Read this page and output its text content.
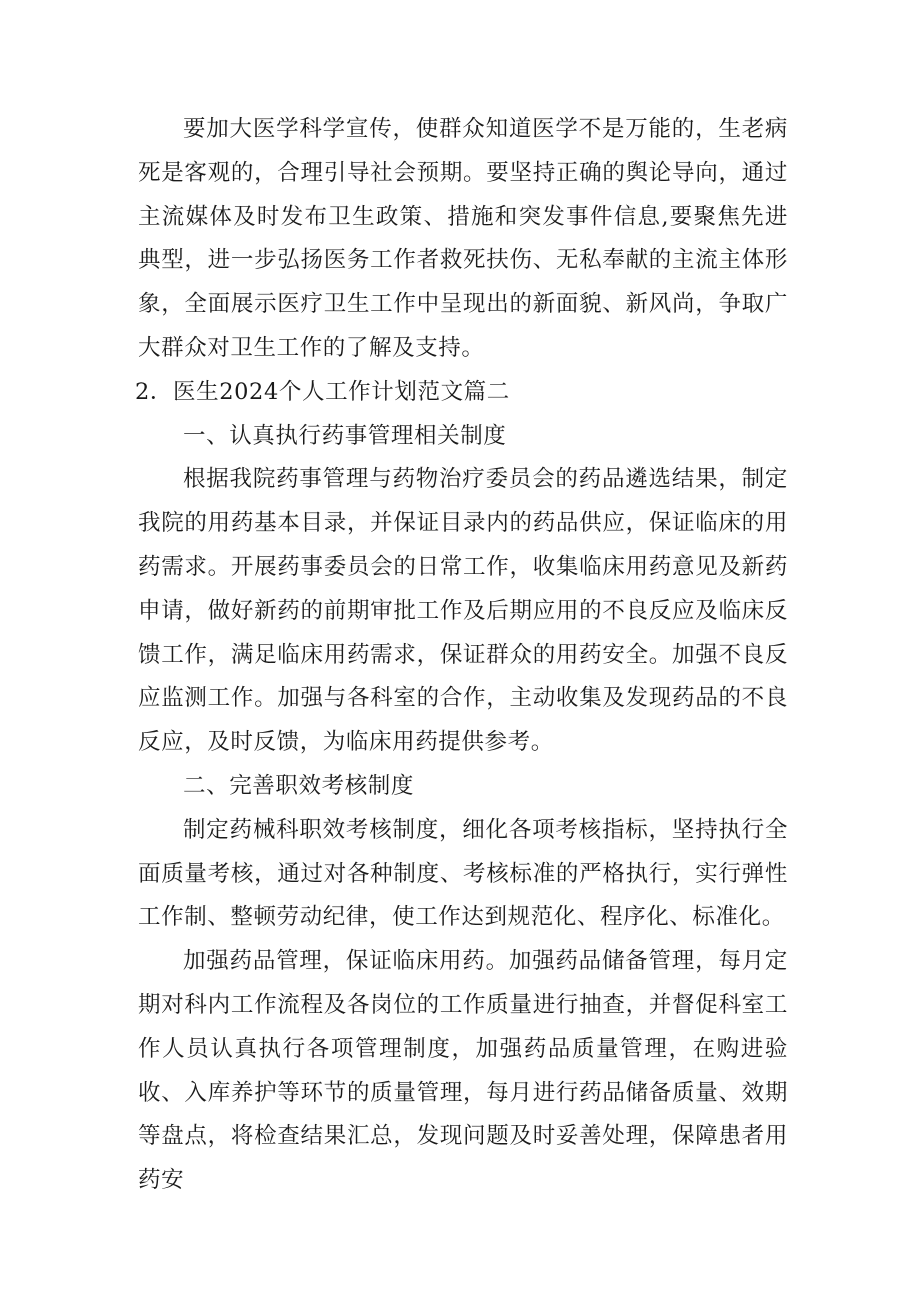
要加大医学科学宣传，使群众知道医学不是万能的，生老病死是客观的，合理引导社会预期。要坚持正确的舆论导向，通过主流媒体及时发布卫生政策、措施和突发事件信息,要聚焦先进典型，进一步弘扬医务工作者救死扶伤、无私奉献的主流主体形象，全面展示医疗卫生工作中呈现出的新面貌、新风尚，争取广大群众对卫生工作的了解及支持。

2．医生2024个人工作计划范文篇二

一、认真执行药事管理相关制度

根据我院药事管理与药物治疗委员会的药品遴选结果，制定我院的用药基本目录，并保证目录内的药品供应，保证临床的用药需求。开展药事委员会的日常工作，收集临床用药意见及新药申请，做好新药的前期审批工作及后期应用的不良反应及临床反馈工作，满足临床用药需求，保证群众的用药安全。加强不良反应监测工作。加强与各科室的合作，主动收集及发现药品的不良反应，及时反馈，为临床用药提供参考。

二、完善职效考核制度

制定药械科职效考核制度，细化各项考核指标，坚持执行全面质量考核，通过对各种制度、考核标准的严格执行，实行弹性工作制、整顿劳动纪律，使工作达到规范化、程序化、标准化。

加强药品管理，保证临床用药。加强药品储备管理，每月定期对科内工作流程及各岗位的工作质量进行抽查，并督促科室工作人员认真执行各项管理制度，加强药品质量管理，在购进验收、入库养护等环节的质量管理，每月进行药品储备质量、效期等盘点，将检查结果汇总，发现问题及时妥善处理，保障患者用药安
